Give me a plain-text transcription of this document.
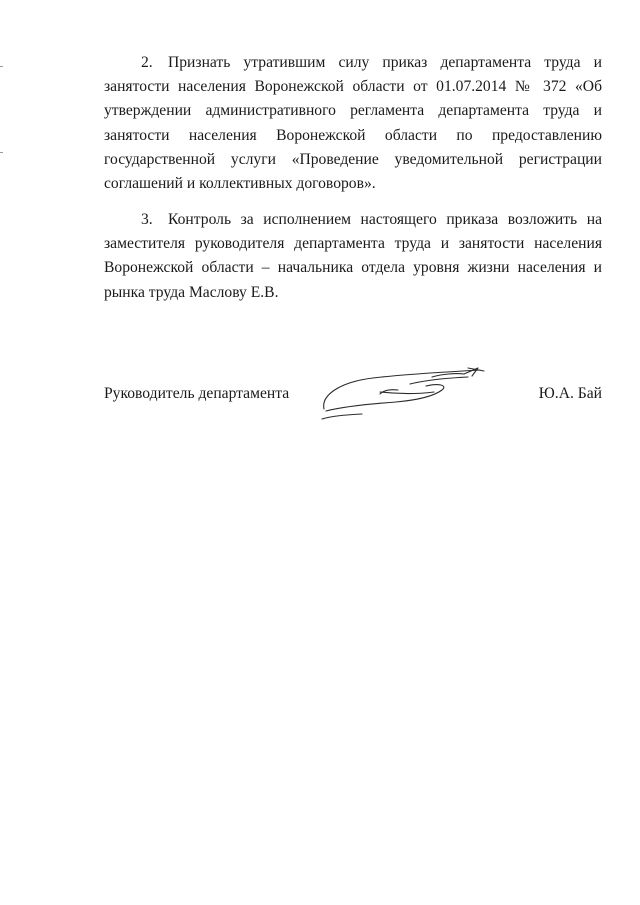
2. Признать утратившим силу приказ департамента труда и занятости населения Воронежской области от 01.07.2014 № 372 «Об утверждении административного регламента департамента труда и занятости населения Воронежской области по предоставлению государственной услуги «Проведение уведомительной регистрации соглашений и коллективных договоров».

3. Контроль за исполнением настоящего приказа возложить на заместителя руководителя департамента труда и занятости населения Воронежской области – начальника отдела уровня жизни населения и рынка труда Маслову Е.В.

Руководитель департамента	Ю.А. Бай
